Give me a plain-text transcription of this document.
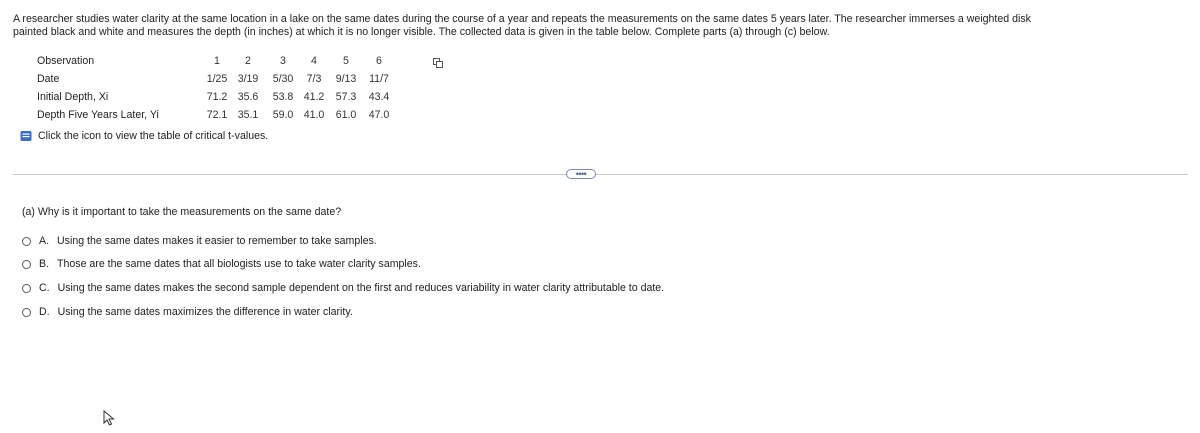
A researcher studies water clarity at the same location in a lake on the same dates during the course of a year and repeats the measurements on the same dates 5 years later. The researcher immerses a weighted disk
painted black and white and measures the depth (in inches) at which it is no longer visible. The collected data is given in the table below. Complete parts (a) through (c) below.
Observation	1	2	3	4	5	6
Date	1/25	3/19	5/30	7/3	9/13	11/7
Initial Depth, Xi	71.2	35.6	53.8	41.2	57.3	43.4
Depth Five Years Later, Yi	72.1	35.1	59.0	41.0	61.0	47.0
Click the icon to view the table of critical t-values.
••••
(a) Why is it important to take the measurements on the same date?
A. Using the same dates makes it easier to remember to take samples.
B. Those are the same dates that all biologists use to take water clarity samples.
C. Using the same dates makes the second sample dependent on the first and reduces variability in water clarity attributable to date.
D. Using the same dates maximizes the difference in water clarity.
